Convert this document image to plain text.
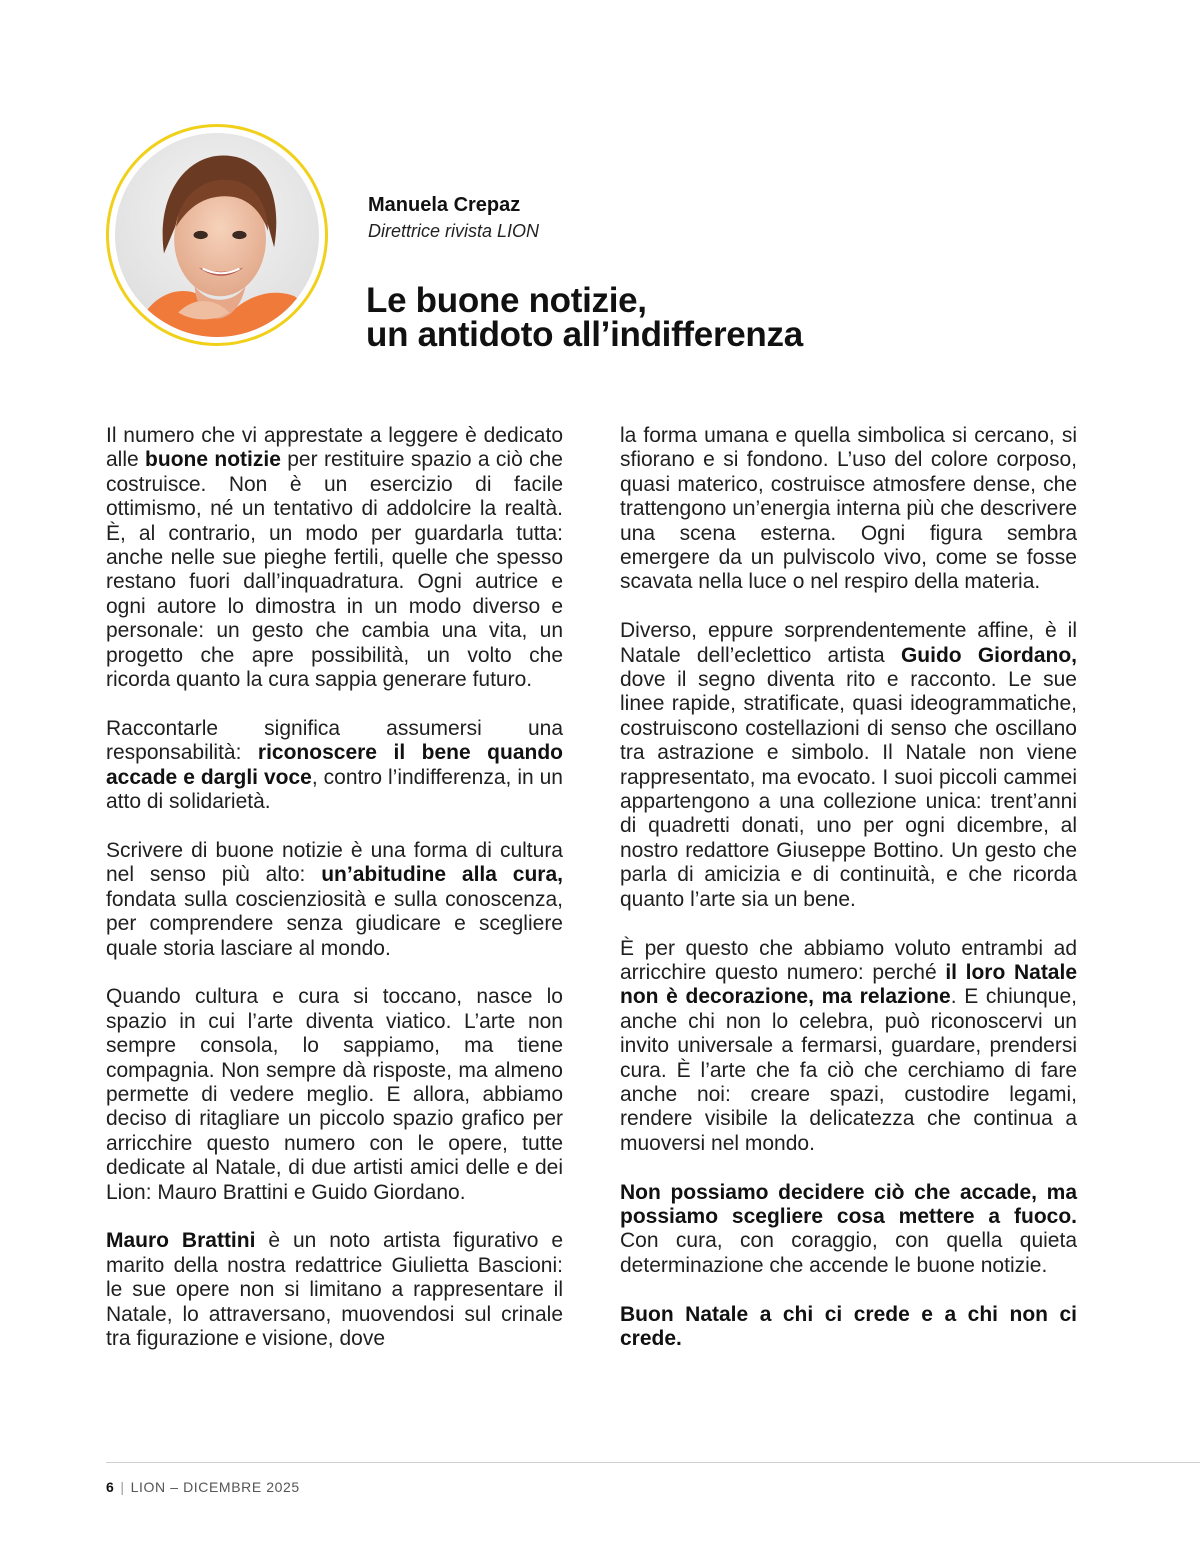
Manuela Crepaz
Direttrice rivista LION
Le buone notizie,
un antidoto all’indifferenza

Il numero che vi apprestate a leggere è dedicato alle buone notizie per restituire spazio a ciò che costruisce. Non è un esercizio di facile ottimismo, né un tentativo di addolcire la realtà. È, al contrario, un modo per guardarla tutta: anche nelle sue pieghe fertili, quelle che spesso restano fuori dall’inquadratura. Ogni autrice e ogni autore lo dimostra in un modo diverso e personale: un gesto che cambia una vita, un progetto che apre possibilità, un volto che ricorda quanto la cura sappia generare futuro.

Raccontarle significa assumersi una responsabilità: riconoscere il bene quando accade e dargli voce, contro l’indifferenza, in un atto di solidarietà.

Scrivere di buone notizie è una forma di cultura nel senso più alto: un’abitudine alla cura, fondata sulla coscienziosità e sulla conoscenza, per comprendere senza giudicare e scegliere quale storia lasciare al mondo.

Quando cultura e cura si toccano, nasce lo spazio in cui l’arte diventa viatico. L’arte non sempre consola, lo sappiamo, ma tiene compagnia. Non sempre dà risposte, ma almeno permette di vedere meglio. E allora, abbiamo deciso di ritagliare un piccolo spazio grafico per arricchire questo numero con le opere, tutte dedicate al Natale, di due artisti amici delle e dei Lion: Mauro Brattini e Guido Giordano.

Mauro Brattini è un noto artista figurativo e marito della nostra redattrice Giulietta Bascioni: le sue opere non si limitano a rappresentare il Natale, lo attraversano, muovendosi sul crinale tra figurazione e visione, dove

la forma umana e quella simbolica si cercano, si sfiorano e si fondono. L’uso del colore corposo, quasi materico, costruisce atmosfere dense, che trattengono un’energia interna più che descrivere una scena esterna. Ogni figura sembra emergere da un pulviscolo vivo, come se fosse scavata nella luce o nel respiro della materia.

Diverso, eppure sorprendentemente affine, è il Natale dell’eclettico artista Guido Giordano, dove il segno diventa rito e racconto. Le sue linee rapide, stratificate, quasi ideogrammatiche, costruiscono costellazioni di senso che oscillano tra astrazione e simbolo. Il Natale non viene rappresentato, ma evocato. I suoi piccoli cammei appartengono a una collezione unica: trent’anni di quadretti donati, uno per ogni dicembre, al nostro redattore Giuseppe Bottino. Un gesto che parla di amicizia e di continuità, e che ricorda quanto l’arte sia un bene.

È per questo che abbiamo voluto entrambi ad arricchire questo numero: perché il loro Natale non è decorazione, ma relazione. E chiunque, anche chi non lo celebra, può riconoscervi un invito universale a fermarsi, guardare, prendersi cura. È l’arte che fa ciò che cerchiamo di fare anche noi: creare spazi, custodire legami, rendere visibile la delicatezza che continua a muoversi nel mondo.

Non possiamo decidere ciò che accade, ma possiamo scegliere cosa mettere a fuoco. Con cura, con coraggio, con quella quieta determinazione che accende le buone notizie.

Buon Natale a chi ci crede e a chi non ci crede.

6 | LION – DICEMBRE 2025
